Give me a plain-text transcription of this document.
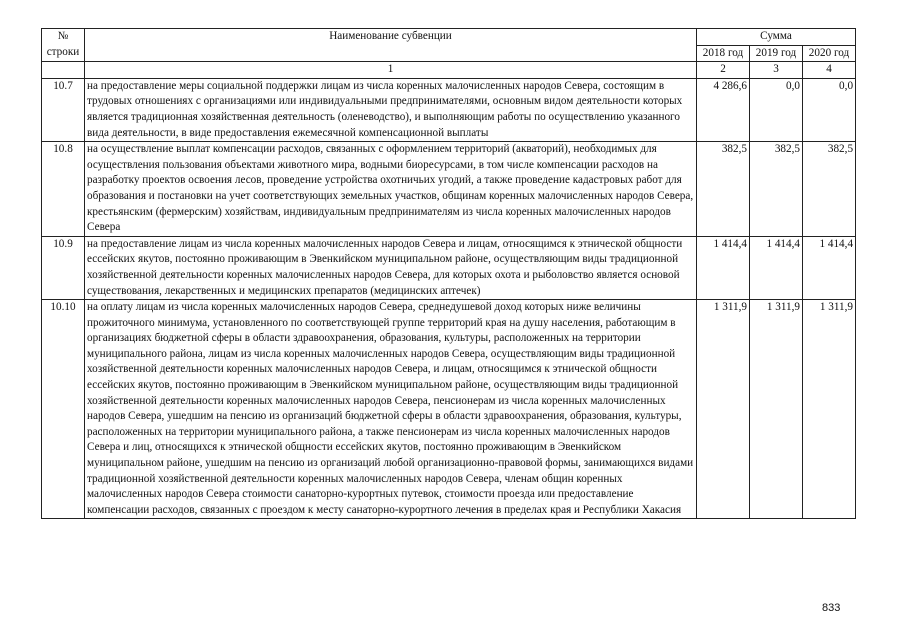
№
строки	Наименование субвенции	Сумма		
		2018 год	2019 год	2020 год
	1	2	3	4
10.7	на предоставление меры социальной поддержки лицам из числа коренных малочисленных народов Севера, состоящим в трудовых отношениях с организациями или индивидуальными предпринимателями, основным видом деятельности которых является традиционная хозяйственная деятельность (оленеводство), и выполняющим работы по осуществлению указанного вида деятельности, в виде предоставления ежемесячной компенсационной выплаты	4 286,6	0,0	0,0
10.8	на осуществление выплат компенсации расходов, связанных с оформлением территорий (акваторий), необходимых для осуществления пользования объектами животного мира, водными биоресурсами, в том числе компенсации расходов на разработку проектов освоения лесов, проведение устройства охотничьих угодий, а также проведение кадастровых работ для образования и постановки на учет соответствующих земельных участков, общинам коренных малочисленных народов Севера, крестьянским (фермерским) хозяйствам, индивидуальным предпринимателям из числа коренных малочисленных народов Севера	382,5	382,5	382,5
10.9	на предоставление лицам из числа коренных малочисленных народов Севера и лицам, относящимся к этнической общности ессейских якутов, постоянно проживающим в Эвенкийском муниципальном районе, осуществляющим виды традиционной хозяйственной деятельности коренных малочисленных народов Севера, для которых охота и рыболовство является основой существования, лекарственных и медицинских препаратов (медицинских аптечек)	1 414,4	1 414,4	1 414,4
10.10	на оплату лицам из числа коренных малочисленных народов Севера, среднедушевой доход которых ниже величины прожиточного минимума, установленного по соответствующей группе территорий края на душу населения, работающим в организациях бюджетной сферы в области здравоохранения, образования, культуры, расположенных на территории муниципального района, лицам из числа коренных малочисленных народов Севера, осуществляющим виды традиционной хозяйственной деятельности коренных малочисленных народов Севера, и лицам, относящимся к этнической общности ессейских якутов, постоянно проживающим в Эвенкийском муниципальном районе, осуществляющим виды традиционной хозяйственной деятельности коренных малочисленных народов Севера, пенсионерам из числа коренных малочисленных народов Севера, ушедшим на пенсию из организаций бюджетной сферы в области здравоохранения, образования, культуры, расположенных на территории муниципального района, а также пенсионерам из числа коренных малочисленных народов Севера и лиц, относящихся к этнической общности ессейских якутов, постоянно проживающим в Эвенкийском муниципальном районе, ушедшим на пенсию из организаций любой организационно-правовой формы, занимающихся видами традиционной хозяйственной деятельности коренных малочисленных народов Севера, членам общин коренных малочисленных народов Севера стоимости санаторно-курортных путевок, стоимости проезда или предоставление компенсации расходов, связанных с проездом к месту санаторно-курортного лечения в пределах края и Республики Хакасия	1 311,9	1 311,9	1 311,9
833
